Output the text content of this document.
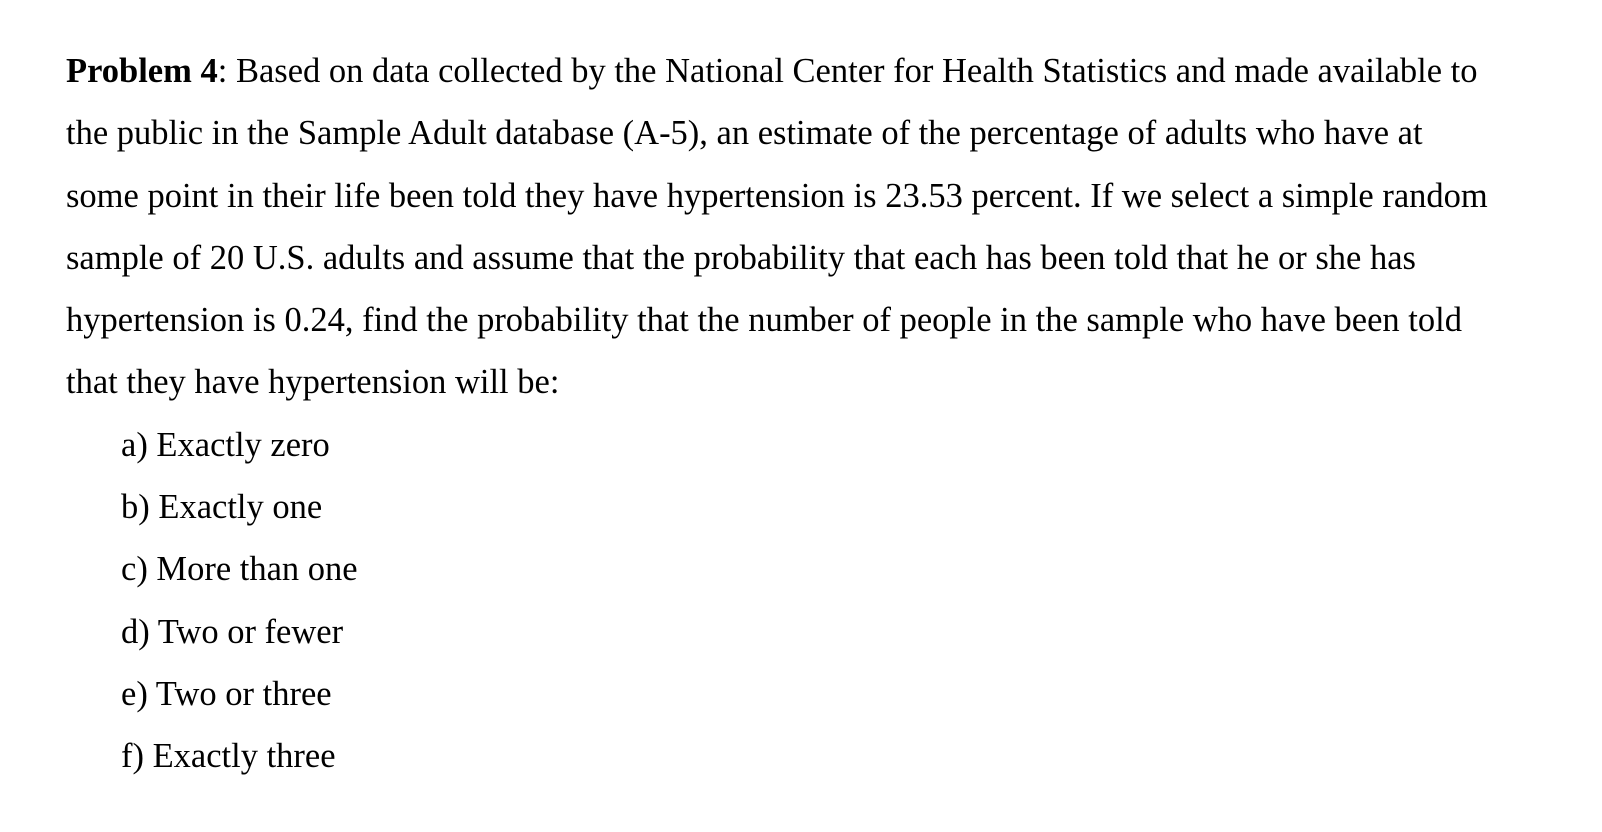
Problem 4: Based on data collected by the National Center for Health Statistics and made available to
the public in the Sample Adult database (A-5), an estimate of the percentage of adults who have at
some point in their life been told they have hypertension is 23.53 percent. If we select a simple random
sample of 20 U.S. adults and assume that the probability that each has been told that he or she has
hypertension is 0.24, find the probability that the number of people in the sample who have been told
that they have hypertension will be:
a) Exactly zero
b) Exactly one
c) More than one
d) Two or fewer
e) Two or three
f) Exactly three
